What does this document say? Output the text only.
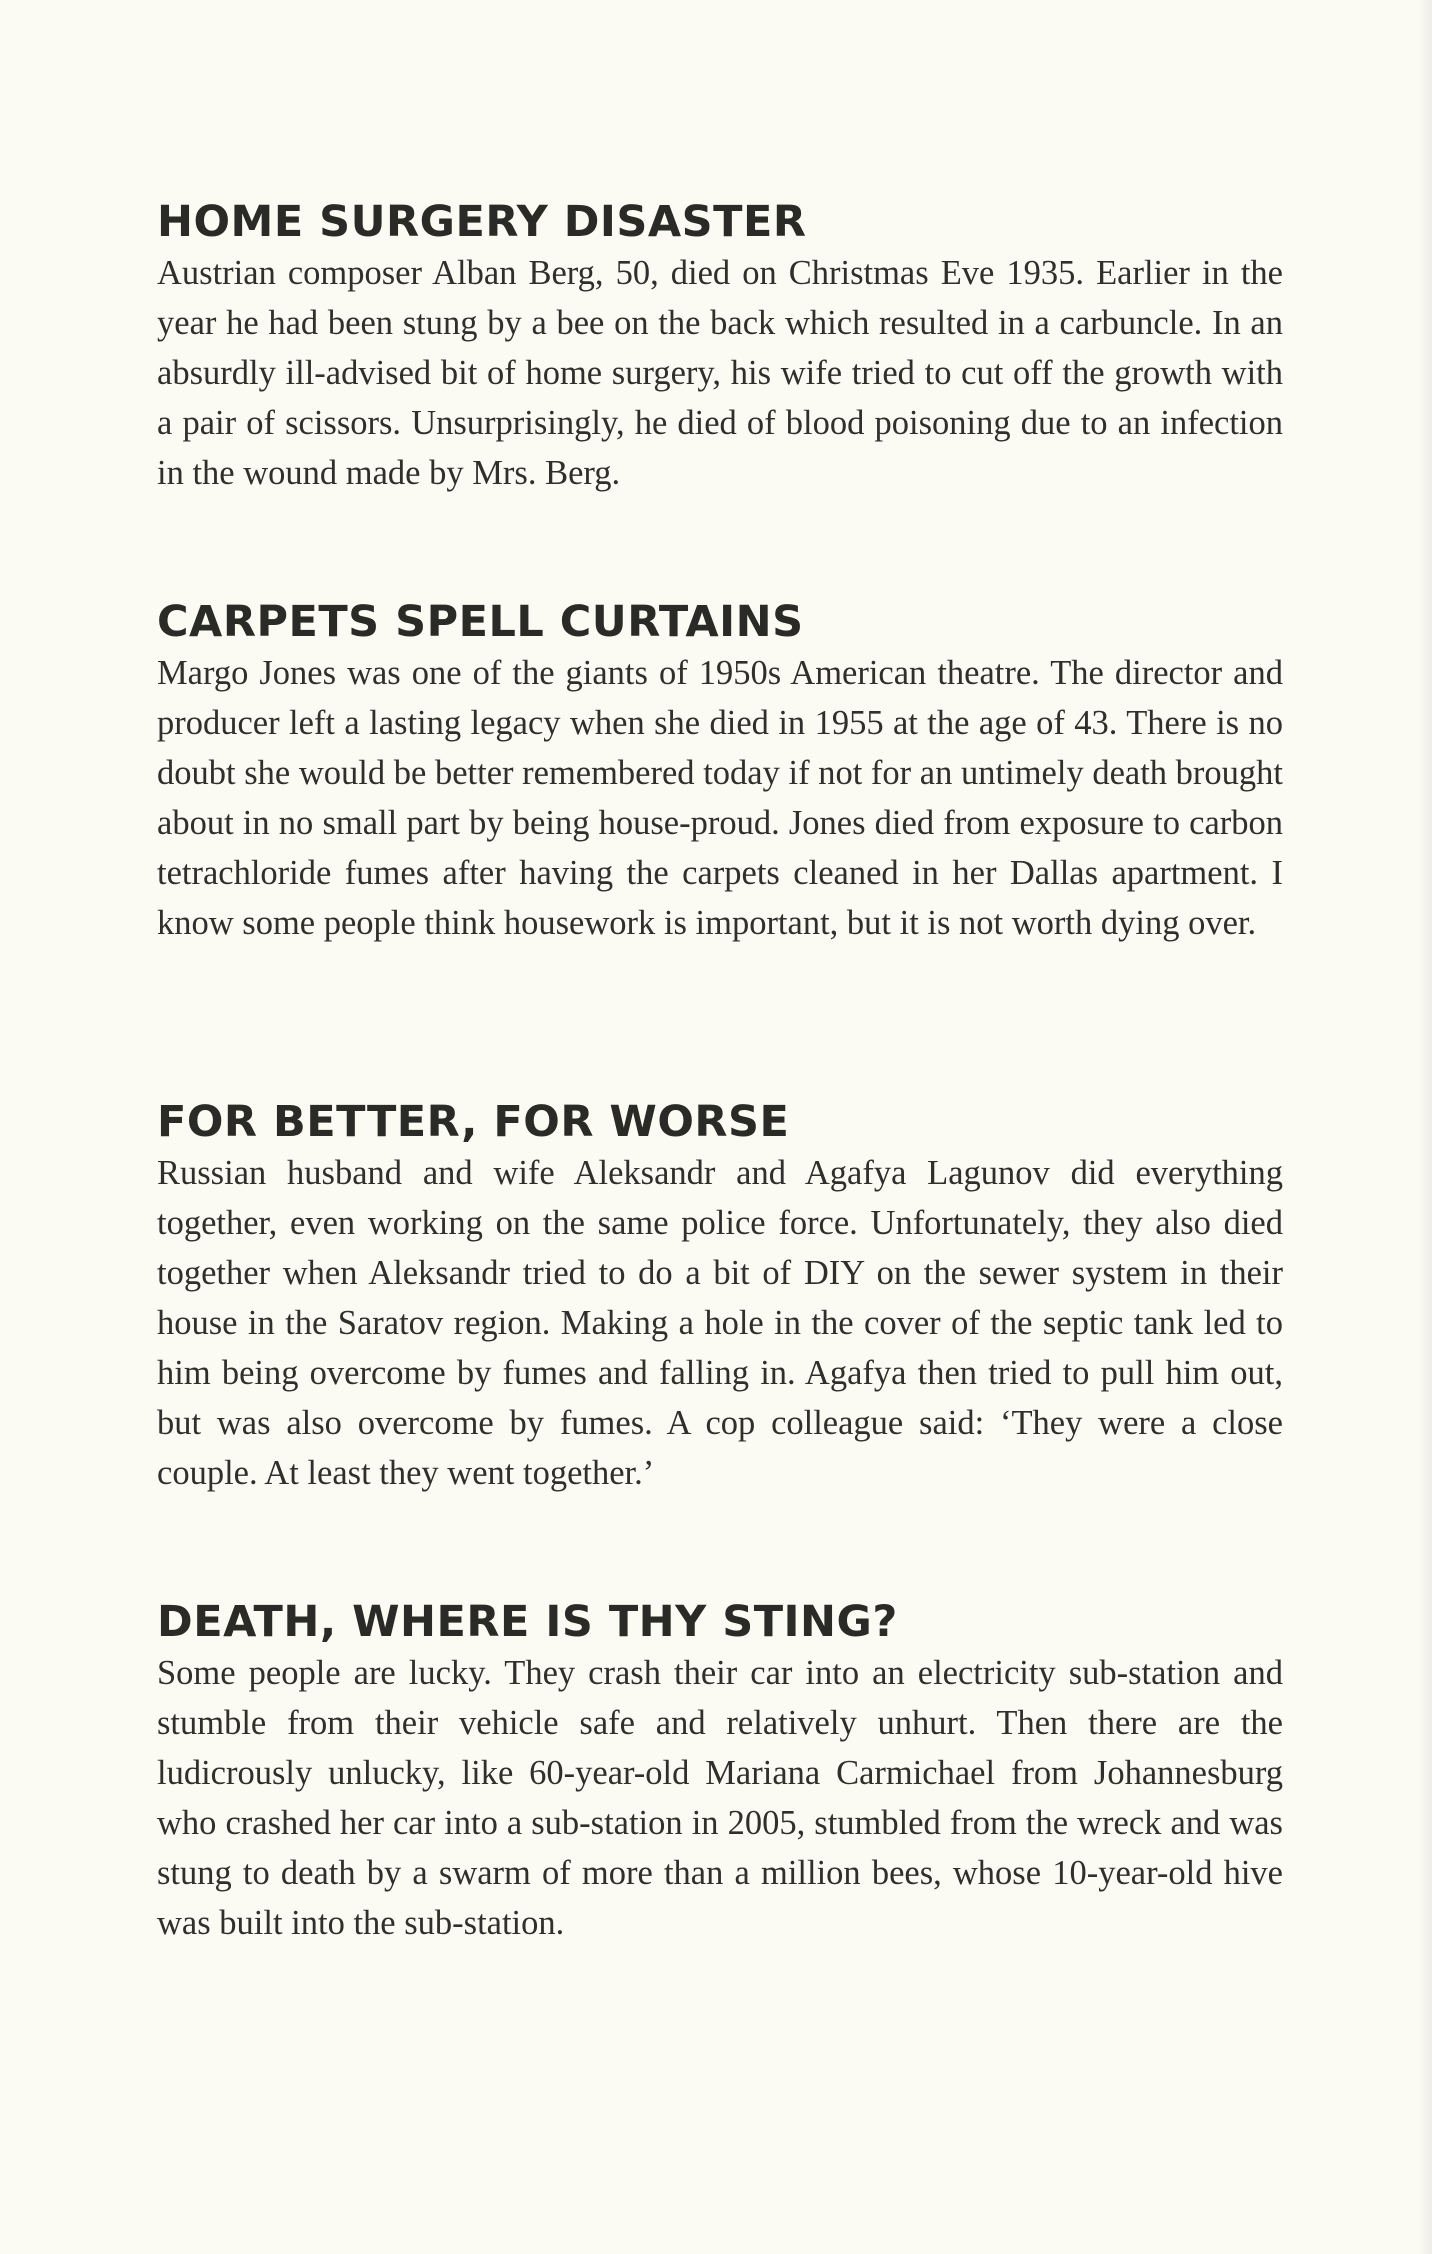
HOME SURGERY DISASTER

Austrian composer Alban Berg, 50, died on Christmas Eve 1935. Earlier in the year he had been stung by a bee on the back which resulted in a carbuncle. In an absurdly ill-advised bit of home surgery, his wife tried to cut off the growth with a pair of scissors. Unsurprisingly, he died of blood poisoning due to an infection in the wound made by Mrs. Berg.

CARPETS SPELL CURTAINS

Margo Jones was one of the giants of 1950s American theatre. The director and producer left a lasting legacy when she died in 1955 at the age of 43. There is no doubt she would be better remembered today if not for an untimely death brought about in no small part by being house-proud. Jones died from exposure to carbon tetrachloride fumes after having the carpets cleaned in her Dallas apartment. I know some people think housework is important, but it is not worth dying over.

FOR BETTER, FOR WORSE

Russian husband and wife Aleksandr and Agafya Lagunov did everything together, even working on the same police force. Unfortunately, they also died together when Aleksandr tried to do a bit of DIY on the sewer system in their house in the Saratov region. Making a hole in the cover of the septic tank led to him being overcome by fumes and falling in. Agafya then tried to pull him out, but was also overcome by fumes. A cop colleague said: ‘They were a close couple. At least they went together.’

DEATH, WHERE IS THY STING?

Some people are lucky. They crash their car into an electricity sub-station and stumble from their vehicle safe and relatively unhurt. Then there are the ludicrously unlucky, like 60-year-old Mariana Carmichael from Johannesburg who crashed her car into a sub-station in 2005, stumbled from the wreck and was stung to death by a swarm of more than a million bees, whose 10-year-old hive was built into the sub-station.
